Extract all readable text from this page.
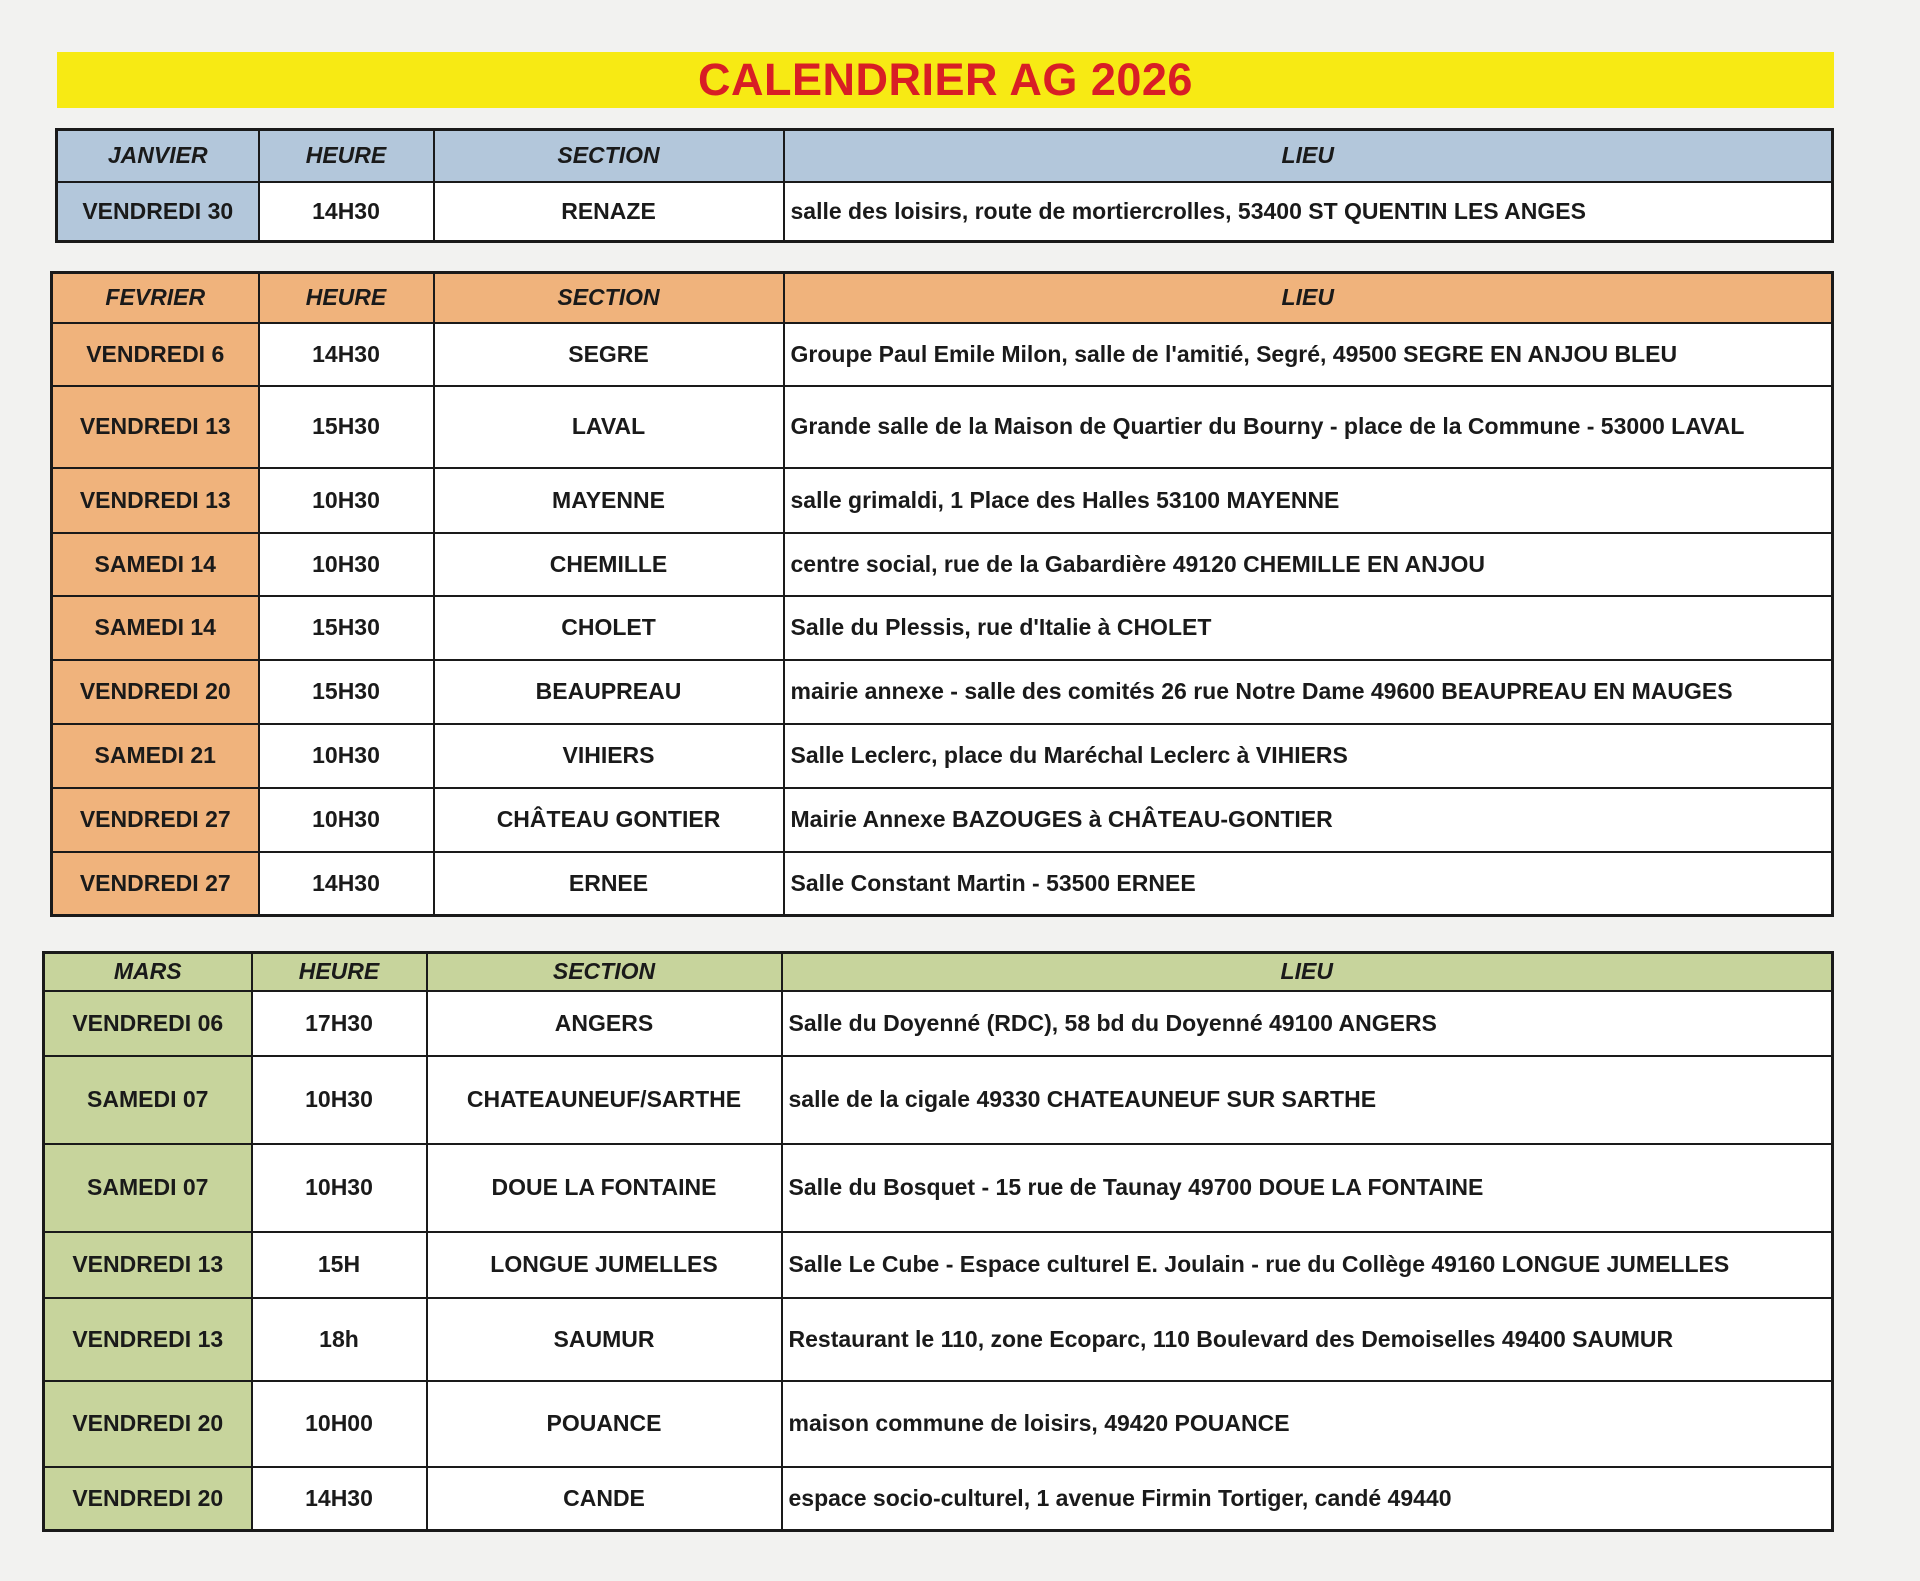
CALENDRIER AG 2026
JANVIER	HEURE	SECTION	LIEU
VENDREDI 30	14H30	RENAZE	salle des loisirs, route de mortiercrolles, 53400 ST QUENTIN LES ANGES
FEVRIER	HEURE	SECTION	LIEU
VENDREDI 6	14H30	SEGRE	Groupe Paul Emile Milon, salle de l'amitié, Segré, 49500 SEGRE EN ANJOU BLEU
VENDREDI 13	15H30	LAVAL	Grande salle de la Maison de Quartier du Bourny - place de la Commune - 53000 LAVAL
VENDREDI 13	10H30	MAYENNE	salle grimaldi, 1 Place des Halles 53100 MAYENNE
SAMEDI 14	10H30	CHEMILLE	centre social, rue de la Gabardière 49120 CHEMILLE EN ANJOU
SAMEDI 14	15H30	CHOLET	Salle du Plessis, rue d'Italie à CHOLET
VENDREDI 20	15H30	BEAUPREAU	mairie annexe - salle des comités 26 rue Notre Dame 49600 BEAUPREAU EN MAUGES
SAMEDI 21	10H30	VIHIERS	Salle Leclerc, place du Maréchal Leclerc à VIHIERS
VENDREDI 27	10H30	CHÂTEAU GONTIER	Mairie Annexe BAZOUGES à CHÂTEAU-GONTIER
VENDREDI 27	14H30	ERNEE	Salle Constant Martin - 53500 ERNEE
MARS	HEURE	SECTION	LIEU
VENDREDI 06	17H30	ANGERS	Salle du Doyenné (RDC), 58 bd du Doyenné 49100 ANGERS
SAMEDI 07	10H30	CHATEAUNEUF/SARTHE	salle de la cigale 49330 CHATEAUNEUF SUR SARTHE
SAMEDI 07	10H30	DOUE LA FONTAINE	Salle du Bosquet - 15 rue de Taunay 49700 DOUE LA FONTAINE
VENDREDI 13	15H	LONGUE JUMELLES	Salle Le Cube - Espace culturel E. Joulain - rue du Collège 49160 LONGUE JUMELLES
VENDREDI 13	18h	SAUMUR	Restaurant le 110, zone Ecoparc, 110 Boulevard des Demoiselles 49400 SAUMUR
VENDREDI 20	10H00	POUANCE	maison commune de loisirs, 49420 POUANCE
VENDREDI 20	14H30	CANDE	espace socio-culturel, 1 avenue Firmin Tortiger, candé 49440
